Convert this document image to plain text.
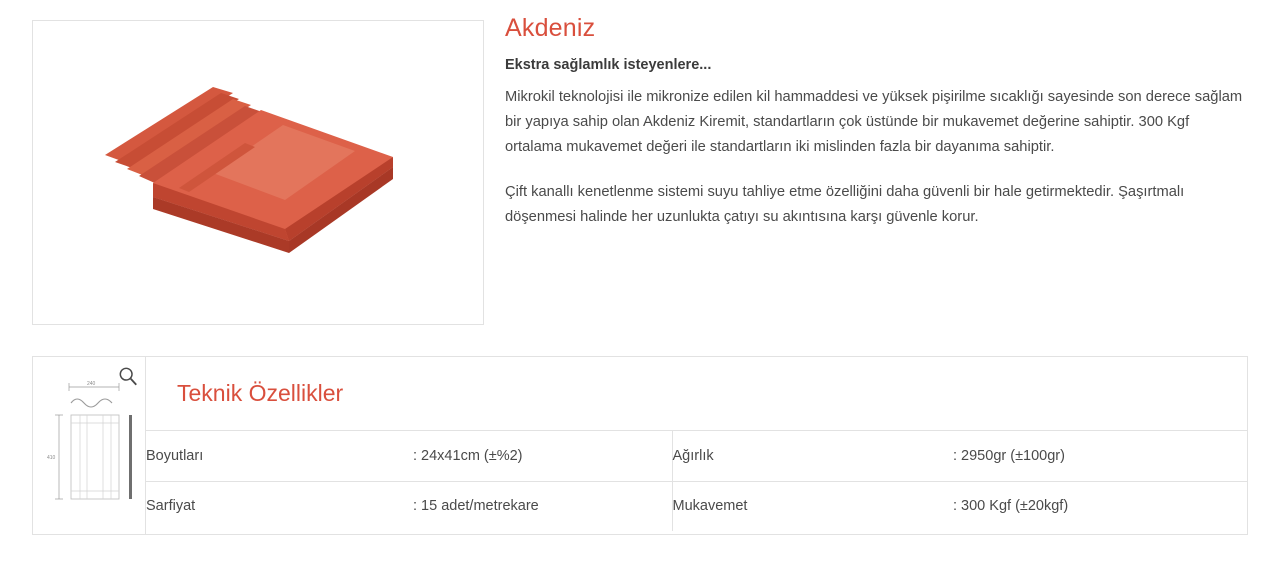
Akdeniz

Ekstra sağlamlık isteyenlere...

Mikrokil teknolojisi ile mikronize edilen kil hammaddesi ve yüksek pişirilme sıcaklığı sayesinde son derece sağlam bir yapıya sahip olan Akdeniz Kiremit, standartların çok üstünde bir mukavemet değerine sahiptir. 300 Kgf ortalama mukavemet değeri ile standartların iki mislinden fazla bir dayanıma sahiptir.

Çift kanallı kenetlenme sistemi suyu tahliye etme özelliğini daha güvenli bir hale getirmektedir. Şaşırtmalı döşenmesi halinde her uzunlukta çatıyı su akıntısına karşı güvenle korur.

240
410
Teknik Özellikler
Boyutları	: 24x41cm (±%2)	Ağırlık	: 2950gr (±100gr)
Sarfiyat	: 15 adet/metrekare	Mukavemet	: 300 Kgf (±20kgf)
